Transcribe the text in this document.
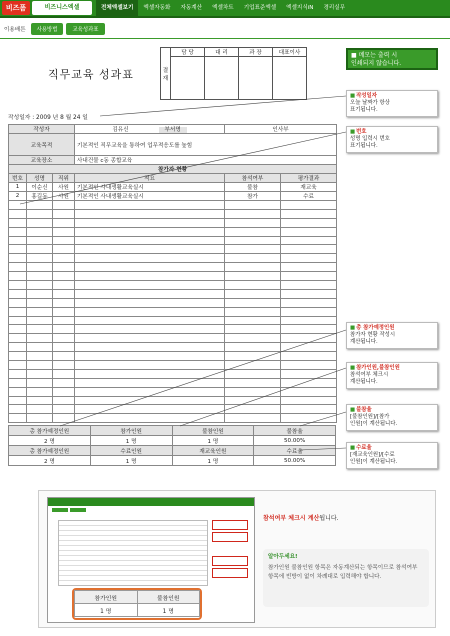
비즈폼	비즈니스엑셀	전체엑셀보기	엑셀자동화	자동계산	엑셀차트	기업표준엑셀	엑셀지식iN	경리실무
이용배튼	사용방법	교육성과표
직무교육 성과표	결 재	담 당	대 리	과 장	대표이사
				■ 메모는 출력 시
인쇄되지 않습니다.
작성일자 : 2009 년 8 월 24 일
작성자			김유신 부서명	인사부	
교육목적			기본적인 직무교육을 통하여 업무적응도를 높힘		
교육장소			사내건물 c동 종합교육		
참가자 현황					
번호	성명	직위	적요	참석여부	평가결과
1	이순신	사원	기본적인 사내생활교육실시	불참	재교육
2	홍길동	사원	기본적인 사내생활교육실시	참가	수료

총 참가예정인원	참가인원	불참인원	불참율
2 명	1 명	1 명	50.00%
총 참가예정인원	수료인원	재교육인원	수료율
2 명	1 명	1 명	50.00%
■ 작성일자
오늘 날짜가 항상
표기됩니다.
■ 번호
성명 입력시 번호
표기됩니다.
■ 총 참가예정인원
참가자 현황 작성시
계산됩니다.
■ 참가인원,불참인원
참석여부 체크시
계산됩니다.
■ 불참율
[불참인원]/[참가
인원]이 계산됩니다.
■ 수료율
[재교육인원]/[수료
인원]이 계산됩니다.
참가인원	불참인원
1 명	1 명
참석여부 체크시 계산됩니다.
알아두세요!
참가인원 불참인원 항목은 자동계산되는 항목이므로 참석여부 항목에 빈방이 없이 차례대로 입력해야 합니다.
